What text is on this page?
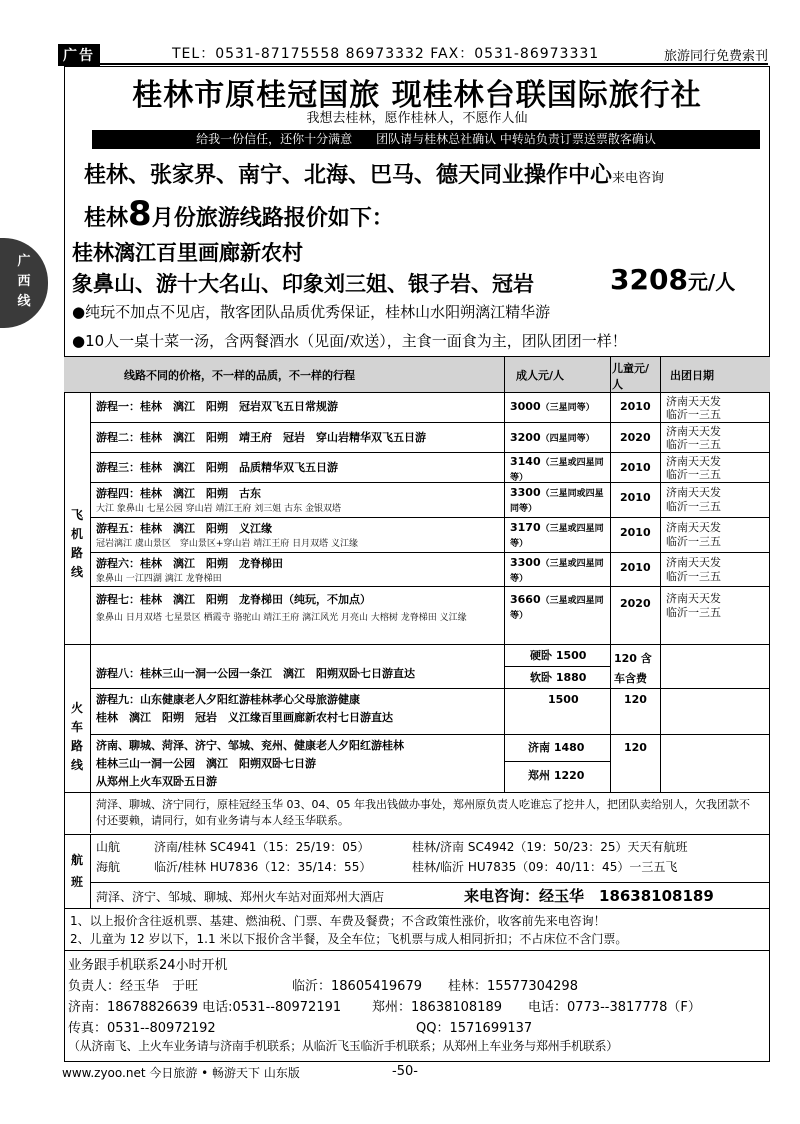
广告	TEL：0531-87175558 86973332 FAX：0531-86973331	旅游同行免费索刊
桂林市原桂冠国旅 现桂林台联国际旅行社
我想去桂林，愿作桂林人，不愿作人仙
给我一份信任，还你十分满意　　团队请与桂林总社确认 中转站负责订票送票散客确认
桂林、张家界、南宁、北海、巴马、德天同业操作中心来电咨询
桂林8月份旅游线路报价如下：
广
西
线
桂林漓江百里画廊新农村
象鼻山、游十大名山、印象刘三姐、银子岩、冠岩	3208元/人
●纯玩不加点不见店，散客团队品质优秀保证，桂林山水阳朔漓江精华游
●10人一桌十菜一汤，含两餐酒水（见面/欢送），主食一面食为主，团队团团一样！
线路不同的价格，不一样的品质，不一样的行程	成人元/人
儿童元/人
出团日期
飞
机
路
线
游程一：桂林　漓江　阳朔　冠岩双飞五日常规游	3000（三星同等） 2010 济南天天发
临沂一三五
游程二：桂林　漓江　阳朔　靖王府　冠岩　穿山岩精华双飞五日游	3200（四星同等） 2020 济南天天发
临沂一三五
游程三：桂林　漓江　阳朔　品质精华双飞五日游	3140（三星或四星同等）
2010 济南天天发
临沂一三五
游程四：桂林　漓江　阳朔　古东
大江 象鼻山 七星公园 穿山岩 靖江王府 刘三姐 古东 金银双塔
3300（三星同或四星同等）
2010 济南天天发
临沂一三五
游程五：桂林　漓江　阳朔　义江缘
冠岩漓江 虞山景区　穿山景区+穿山岩 靖江王府 日月双塔 义江缘
3170（三星或四星同等）
2010 济南天天发
临沂一三五
游程六：桂林　漓江　阳朔　龙脊梯田
象鼻山 一江四湖 漓江 龙脊梯田
3300（三星或四星同等）
2010 济南天天发
临沂一三五
游程七：桂林　漓江　阳朔　龙脊梯田（纯玩，不加点）
象鼻山 日月双塔 七星景区 栖霞寺 骆驼山 靖江王府 漓江风光 月亮山 大榕树 龙脊梯田 义江缘
3660（三星或四星同等）
2020 济南天天发
临沂一三五
火
车
路
线
游程八：桂林三山一洞一公园一条江　漓江　阳朔双卧七日游直达
硬卧 1500
软卧 1880
120 含车含费
游程九：山东健康老人夕阳红游桂林孝心父母旅游健康
桂林　漓江　阳朔　冠岩　义江缘百里画廊新农村七日游直达
1500	120
济南、聊城、菏泽、济宁、邹城、兖州、健康老人夕阳红游桂林
桂林三山一洞一公园　漓江　阳朔双卧七日游
从郑州上火车双卧五日游
济南 1480
郑州 1220
120
菏泽、聊城、济宁同行，原桂冠经玉华 03、04、05 年我出钱做办事处，郑州原负责人吃谁忘了挖井人，把团队卖给别人，欠我团款不付还要赖，请同行，如有业务请与本人经玉华联系。
航
班
山航	济南/桂林 SC4941（15：25/19：05）	桂林/济南 SC4942（19：50/23：25）天天有航班
海航	临沂/桂林 HU7836（12：35/14：55）	桂林/临沂 HU7835（09：40/11：45）一三五飞
菏泽、济宁、邹城、聊城、郑州火车站对面郑州大酒店	来电咨询：经玉华　18638108189
1、以上报价含往返机票、基建、燃油税、门票、车费及餐费；不含政策性涨价，收客前先来电咨询！
2、儿童为 12 岁以下，1.1 米以下报价含半餐，及全车位；飞机票与成人相同折扣；不占床位不含门票。
业务跟手机联系24小时开机
负责人：经玉华　于旺	临沂：18605419679　　桂林：15577304298
济南：18678826639 电话:0531--80972191	郑州：18638108189　　电话：0773--3817778（F）
传真：0531--80972192	QQ：1571699137
（从济南飞、上火车业务请与济南手机联系；从临沂飞玉临沂手机联系；从郑州上车业务与郑州手机联系）
www.zyoo.net 今日旅游 • 畅游天下 山东版	-50-
